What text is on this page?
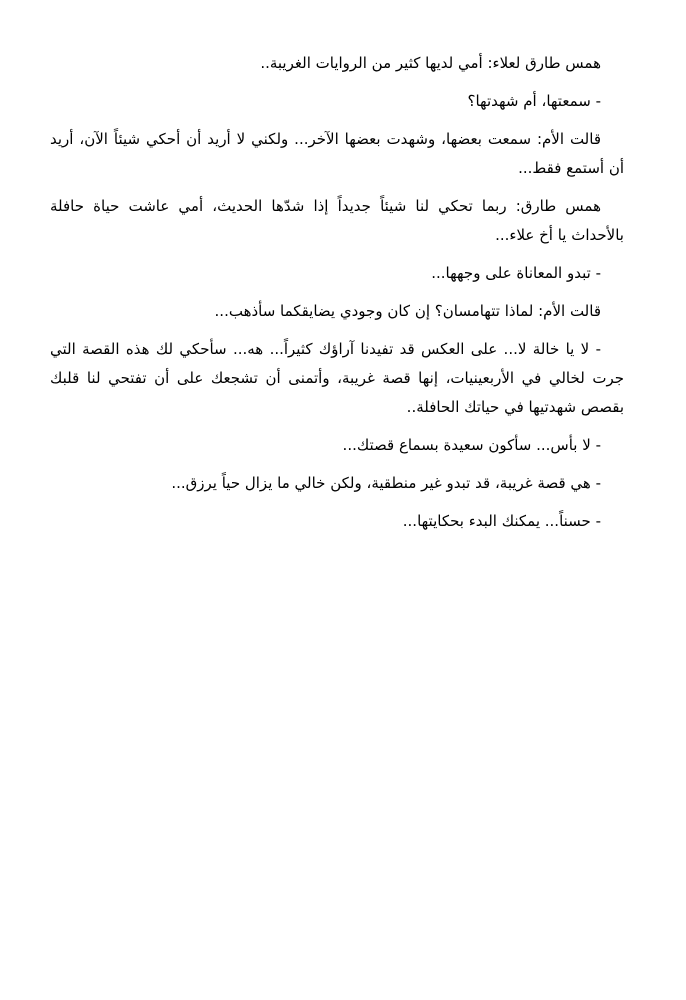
همس طارق لعلاء: أمي لديها كثير من الروايات الغريبة..

- سمعتها، أم شهدتها؟

قالت الأم: سمعت بعضها، وشهدت بعضها الآخر... ولكني لا أريد أن أحكي شيئاً الآن، أريد أن أستمع فقط...

همس طارق: ربما تحكي لنا شيئاً جديداً إذا شدّها الحديث، أمي عاشت حياة حافلة بالأحداث يا أخ علاء...

- تبدو المعاناة على وجهها...

قالت الأم: لماذا تتهامسان؟ إن كان وجودي يضايقكما سأذهب...

- لا يا خالة لا... على العكس قد تفيدنا آراؤك كثيراً... هه... سأحكي لك هذه القصة التي جرت لخالي في الأربعينيات، إنها قصة غريبة، وأتمنى أن تشجعك على أن تفتحي لنا قلبك بقصص شهدتيها في حياتك الحافلة..

- لا بأس... سأكون سعيدة بسماع قصتك...

- هي قصة غريبة، قد تبدو غير منطقية، ولكن خالي ما يزال حياً يرزق...

- حسناً... يمكنك البدء بحكايتها...
